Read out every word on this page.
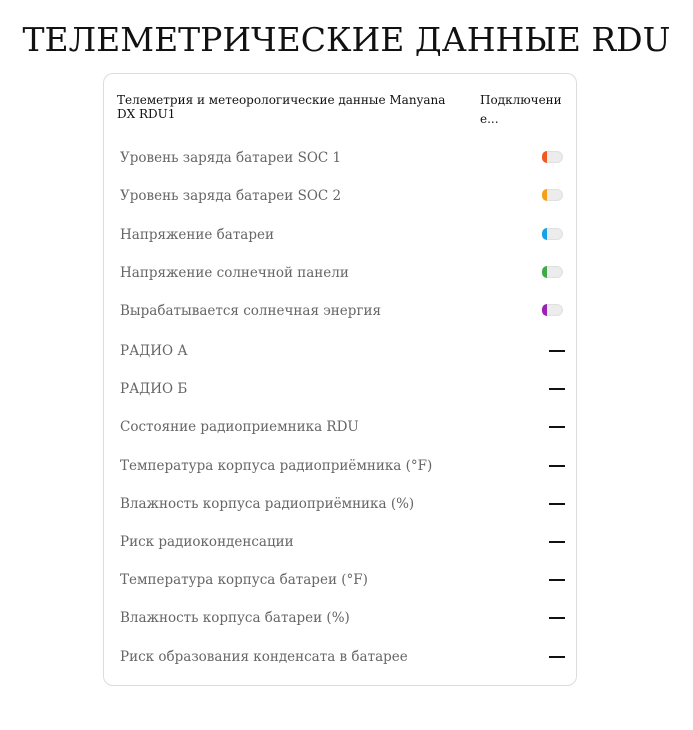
ТЕЛЕМЕТРИЧЕСКИЕ ДАННЫЕ RDU
Телеметрия и метеорологические данные Manyana DX RDU1
Подключение...
Уровень заряда батареи SOC 1
Уровень заряда батареи SOC 2
Напряжение батареи
Напряжение солнечной панели
Вырабатывается солнечная энергия
РАДИО А
РАДИО Б
Состояние радиоприемника RDU
Температура корпуса радиоприёмника (°F)
Влажность корпуса радиоприёмника (%)
Риск радиоконденсации
Температура корпуса батареи (°F)
Влажность корпуса батареи (%)
Риск образования конденсата в батарее
